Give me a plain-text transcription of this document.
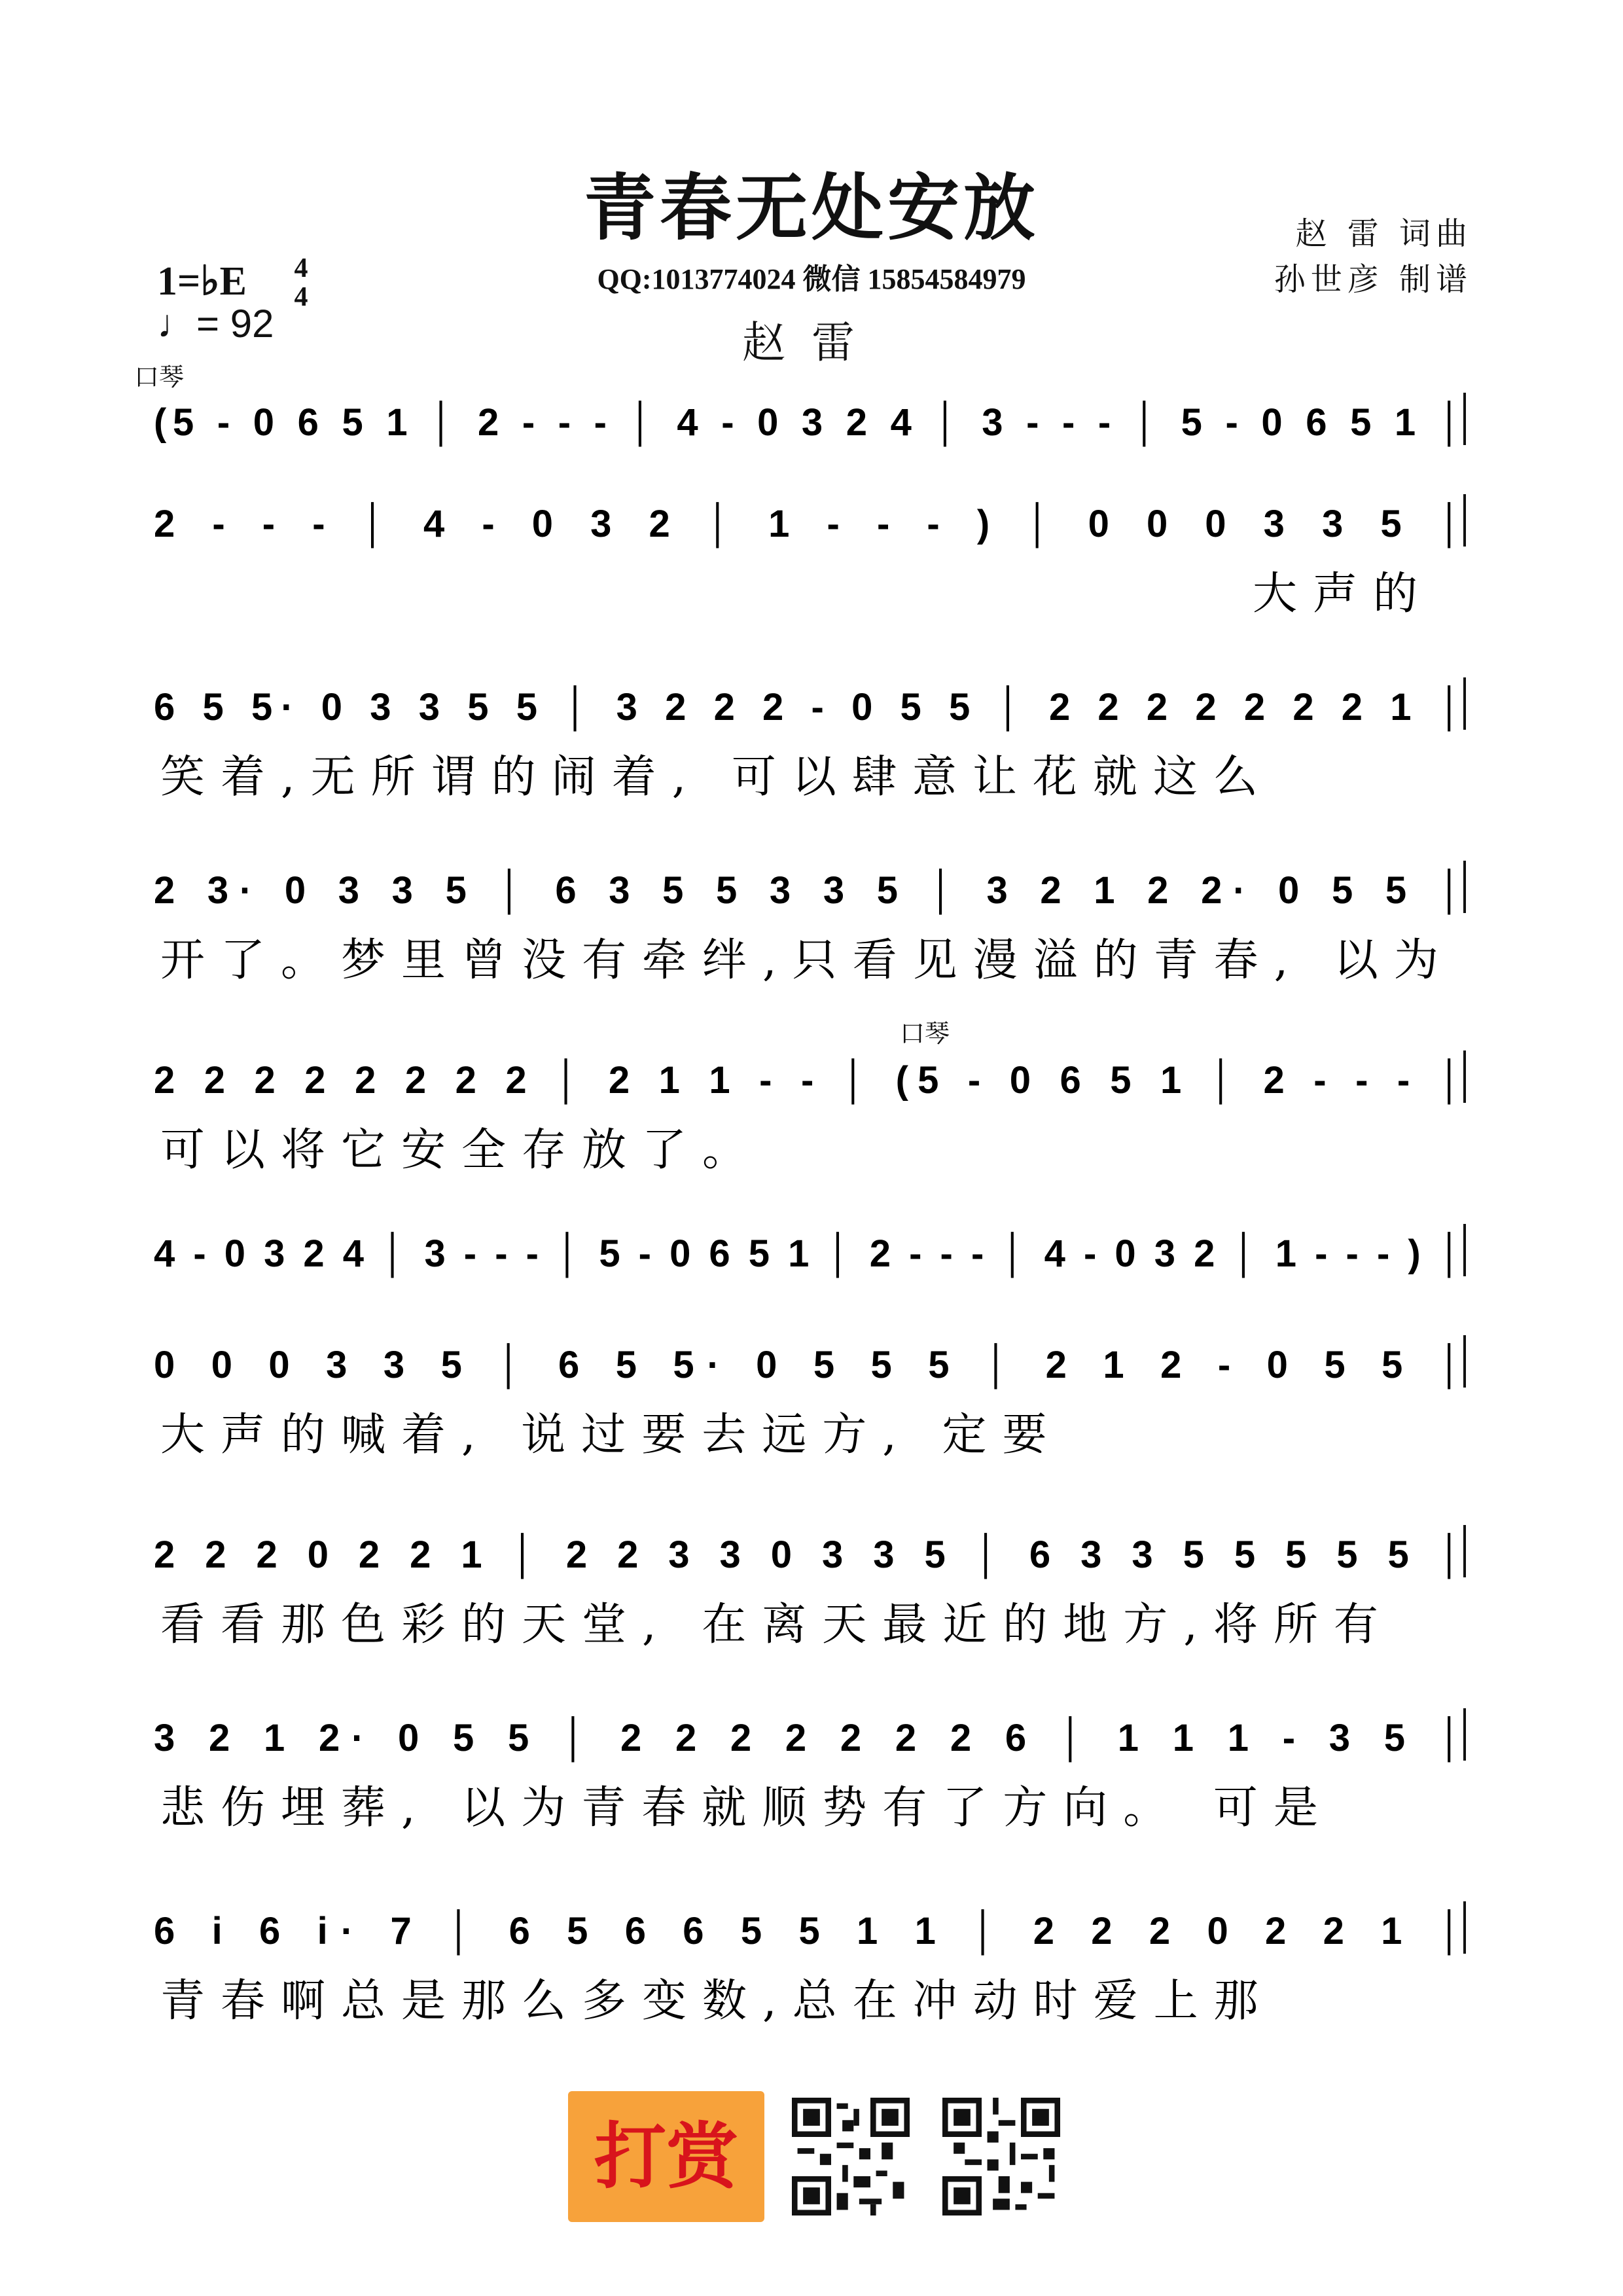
青春无处安放
QQ:1013774024 微信 15854584979
赵雷
赵 雷 词曲
孙世彦 制谱
1=♭E 4
4
♩= 92
口琴
口琴
(5 - 0 6 5 1 │ 2 - - - │ 4 - 0 3 2 4 │ 3 - - - │ 5 - 0 6 5 1 │
2 - - - │ 4 - 0 3 2 │ 1 - - - ) │ 0 0 0 3 3 5 │
大声的
6 5 5· 0 3 3 5 5 │ 3 2 2 2 - 0 5 5 │ 2 2 2 2 2 2 2 1 │
笑着,无所谓的闹着, 可以肆意让花就这么
2 3· 0 3 3 5 │ 6 3 5 5 3 3 5 │ 3 2 1 2 2· 0 5 5 │
开了。梦里曾没有牵绊,只看见漫溢的青春, 以为
2 2 2 2 2 2 2 2 │ 2 1 1 - - │ (5 - 0 6 5 1 │ 2 - - - │
可以将它安全存放了。
4 - 0 3 2 4 │ 3 - - - │ 5 - 0 6 5 1 │ 2 - - - │ 4 - 0 3 2 │ 1 - - - ) │
0 0 0 3 3 5 │ 6 5 5· 0 5 5 5 │ 2 1 2 - 0 5 5 │
大声的喊着, 说过要去远方, 定要
2 2 2 0 2 2 1 │ 2 2 3 3 0 3 3 5 │ 6 3 3 5 5 5 5 5 │
看看那色彩的天堂, 在离天最近的地方,将所有
3 2 1 2· 0 5 5 │ 2 2 2 2 2 2 2 6 │ 1 1 1 - 3 5 │
悲伤埋葬, 以为青春就顺势有了方向。 可是
6 i 6 i· 7 │ 6 5 6 6 5 5 1 1 │ 2 2 2 0 2 2 1 │
青春啊总是那么多变数,总在冲动时爱上那
打赏
